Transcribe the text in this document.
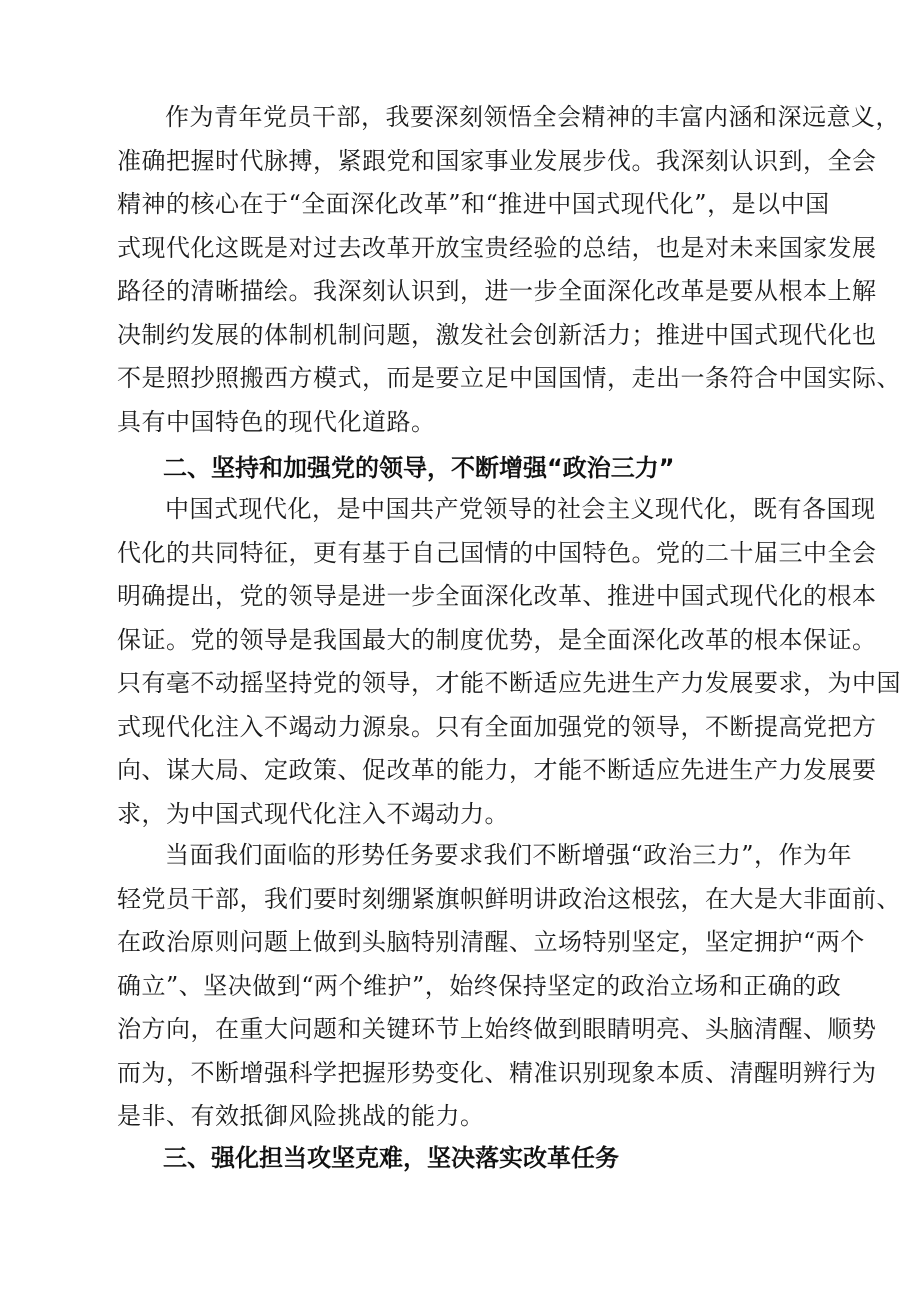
作为青年党员干部，我要深刻领悟全会精神的丰富内涵和深远意义，
准确把握时代脉搏，紧跟党和国家事业发展步伐。我深刻认识到，全会
精神的核心在于“全面深化改革”和“推进中国式现代化”，是以中国
式现代化这既是对过去改革开放宝贵经验的总结，也是对未来国家发展
路径的清晰描绘。我深刻认识到，进一步全面深化改革是要从根本上解
决制约发展的体制机制问题，激发社会创新活力；推进中国式现代化也
不是照抄照搬西方模式，而是要立足中国国情，走出一条符合中国实际、
具有中国特色的现代化道路。
二、坚持和加强党的领导，不断增强“政治三力”
中国式现代化，是中国共产党领导的社会主义现代化，既有各国现
代化的共同特征，更有基于自己国情的中国特色。党的二十届三中全会
明确提出，党的领导是进一步全面深化改革、推进中国式现代化的根本
保证。党的领导是我国最大的制度优势，是全面深化改革的根本保证。
只有毫不动摇坚持党的领导，才能不断适应先进生产力发展要求，为中国
式现代化注入不竭动力源泉。只有全面加强党的领导，不断提高党把方
向、谋大局、定政策、促改革的能力，才能不断适应先进生产力发展要
求，为中国式现代化注入不竭动力。
当面我们面临的形势任务要求我们不断增强“政治三力”，作为年
轻党员干部，我们要时刻绷紧旗帜鲜明讲政治这根弦，在大是大非面前、
在政治原则问题上做到头脑特别清醒、立场特别坚定，坚定拥护“两个
确立”、坚决做到“两个维护”，始终保持坚定的政治立场和正确的政
治方向，在重大问题和关键环节上始终做到眼睛明亮、头脑清醒、顺势
而为，不断增强科学把握形势变化、精准识别现象本质、清醒明辨行为
是非、有效抵御风险挑战的能力。
三、强化担当攻坚克难，坚决落实改革任务
